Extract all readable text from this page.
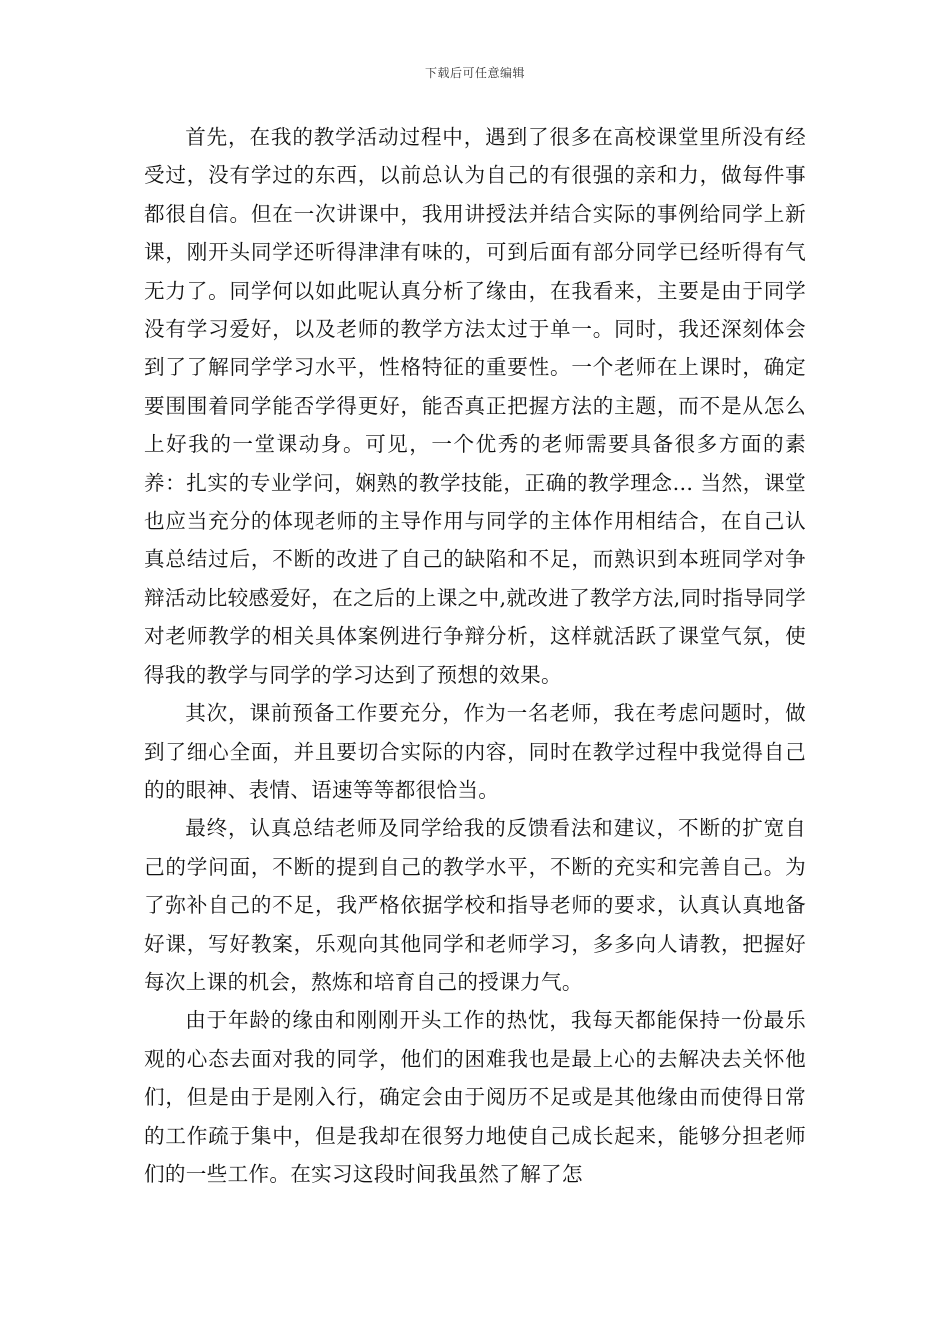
下载后可任意编辑

首先，在我的教学活动过程中，遇到了很多在高校课堂里所没有经受过，没有学过的东西，以前总认为自己的有很强的亲和力，做每件事都很自信。但在一次讲课中，我用讲授法并结合实际的事例给同学上新课，刚开头同学还听得津津有味的，可到后面有部分同学已经听得有气无力了。同学何以如此呢认真分析了缘由，在我看来，主要是由于同学没有学习爱好，以及老师的教学方法太过于单一。同时，我还深刻体会到了了解同学学习水平，性格特征的重要性。一个老师在上课时，确定要围围着同学能否学得更好，能否真正把握方法的主题，而不是从怎么上好我的一堂课动身。可见，一个优秀的老师需要具备很多方面的素养：扎实的专业学问，娴熟的教学技能，正确的教学理念… 当然，课堂也应当充分的体现老师的主导作用与同学的主体作用相结合，在自己认真总结过后，不断的改进了自己的缺陷和不足，而熟识到本班同学对争辩活动比较感爱好，在之后的上课之中,就改进了教学方法,同时指导同学对老师教学的相关具体案例进行争辩分析，这样就活跃了课堂气氛，使得我的教学与同学的学习达到了预想的效果。

其次，课前预备工作要充分，作为一名老师，我在考虑问题时，做到了细心全面，并且要切合实际的内容，同时在教学过程中我觉得自己的的眼神、表情、语速等等都很恰当。

最终，认真总结老师及同学给我的反馈看法和建议，不断的扩宽自己的学问面，不断的提到自己的教学水平，不断的充实和完善自己。为了弥补自己的不足，我严格依据学校和指导老师的要求，认真认真地备好课，写好教案，乐观向其他同学和老师学习，多多向人请教，把握好每次上课的机会，熬炼和培育自己的授课力气。

由于年龄的缘由和刚刚开头工作的热忱，我每天都能保持一份最乐观的心态去面对我的同学，他们的困难我也是最上心的去解决去关怀他们，但是由于是刚入行，确定会由于阅历不足或是其他缘由而使得日常的工作疏于集中，但是我却在很努力地使自己成长起来，能够分担老师们的一些工作。在实习这段时间我虽然了解了怎
